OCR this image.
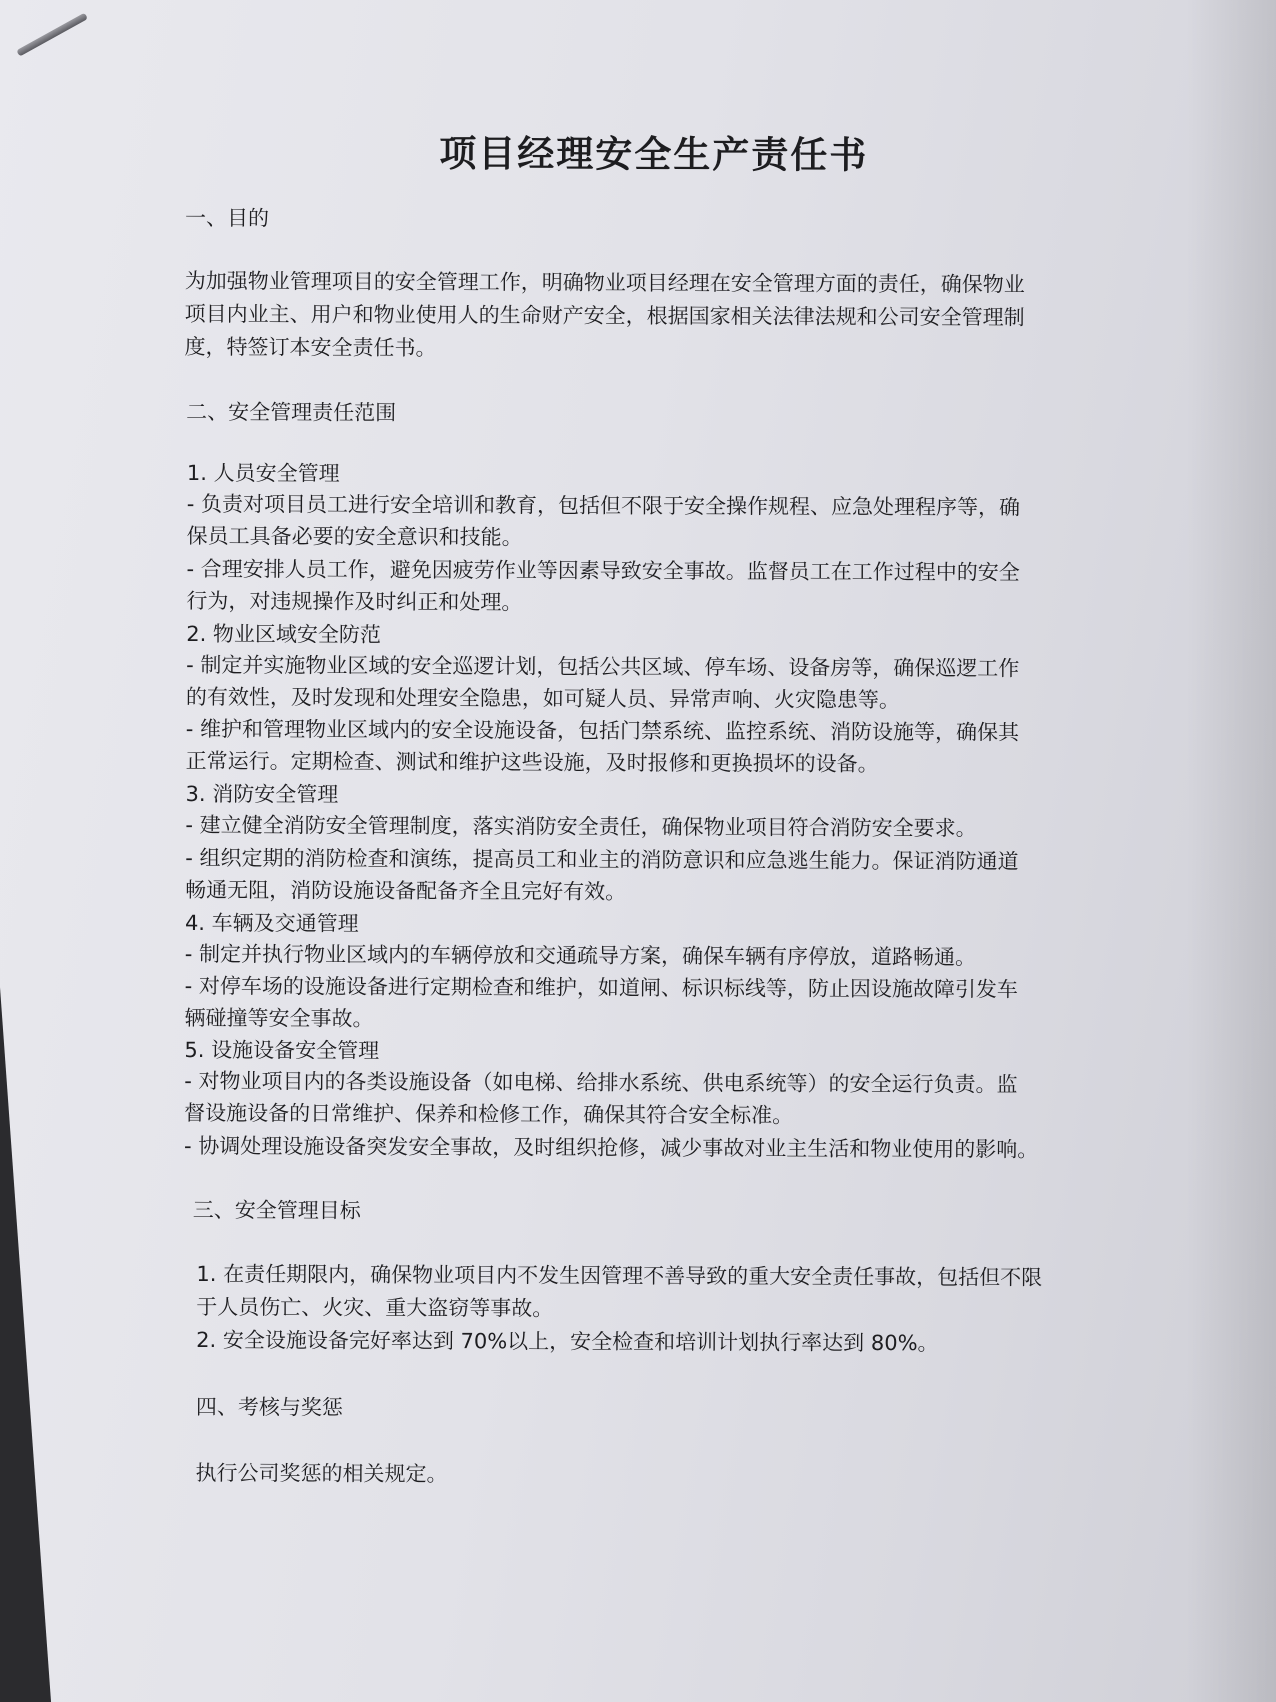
项目经理安全生产责任书
一、目的
为加强物业管理项目的安全管理工作，明确物业项目经理在安全管理方面的责任，确保物业
项目内业主、用户和物业使用人的生命财产安全，根据国家相关法律法规和公司安全管理制
度，特签订本安全责任书。
二、安全管理责任范围
1. 人员安全管理
- 负责对项目员工进行安全培训和教育，包括但不限于安全操作规程、应急处理程序等，确
保员工具备必要的安全意识和技能。
- 合理安排人员工作，避免因疲劳作业等因素导致安全事故。监督员工在工作过程中的安全
行为，对违规操作及时纠正和处理。
2. 物业区域安全防范
- 制定并实施物业区域的安全巡逻计划，包括公共区域、停车场、设备房等，确保巡逻工作
的有效性，及时发现和处理安全隐患，如可疑人员、异常声响、火灾隐患等。
- 维护和管理物业区域内的安全设施设备，包括门禁系统、监控系统、消防设施等，确保其
正常运行。定期检查、测试和维护这些设施，及时报修和更换损坏的设备。
3. 消防安全管理
- 建立健全消防安全管理制度，落实消防安全责任，确保物业项目符合消防安全要求。
- 组织定期的消防检查和演练，提高员工和业主的消防意识和应急逃生能力。保证消防通道
畅通无阻，消防设施设备配备齐全且完好有效。
4. 车辆及交通管理
- 制定并执行物业区域内的车辆停放和交通疏导方案，确保车辆有序停放，道路畅通。
- 对停车场的设施设备进行定期检查和维护，如道闸、标识标线等，防止因设施故障引发车
辆碰撞等安全事故。
5. 设施设备安全管理
- 对物业项目内的各类设施设备（如电梯、给排水系统、供电系统等）的安全运行负责。监
督设施设备的日常维护、保养和检修工作，确保其符合安全标准。
- 协调处理设施设备突发安全事故，及时组织抢修，减少事故对业主生活和物业使用的影响。
三、安全管理目标
1. 在责任期限内，确保物业项目内不发生因管理不善导致的重大安全责任事故，包括但不限
于人员伤亡、火灾、重大盗窃等事故。
2. 安全设施设备完好率达到 70%以上，安全检查和培训计划执行率达到 80%。
四、考核与奖惩
执行公司奖惩的相关规定。
